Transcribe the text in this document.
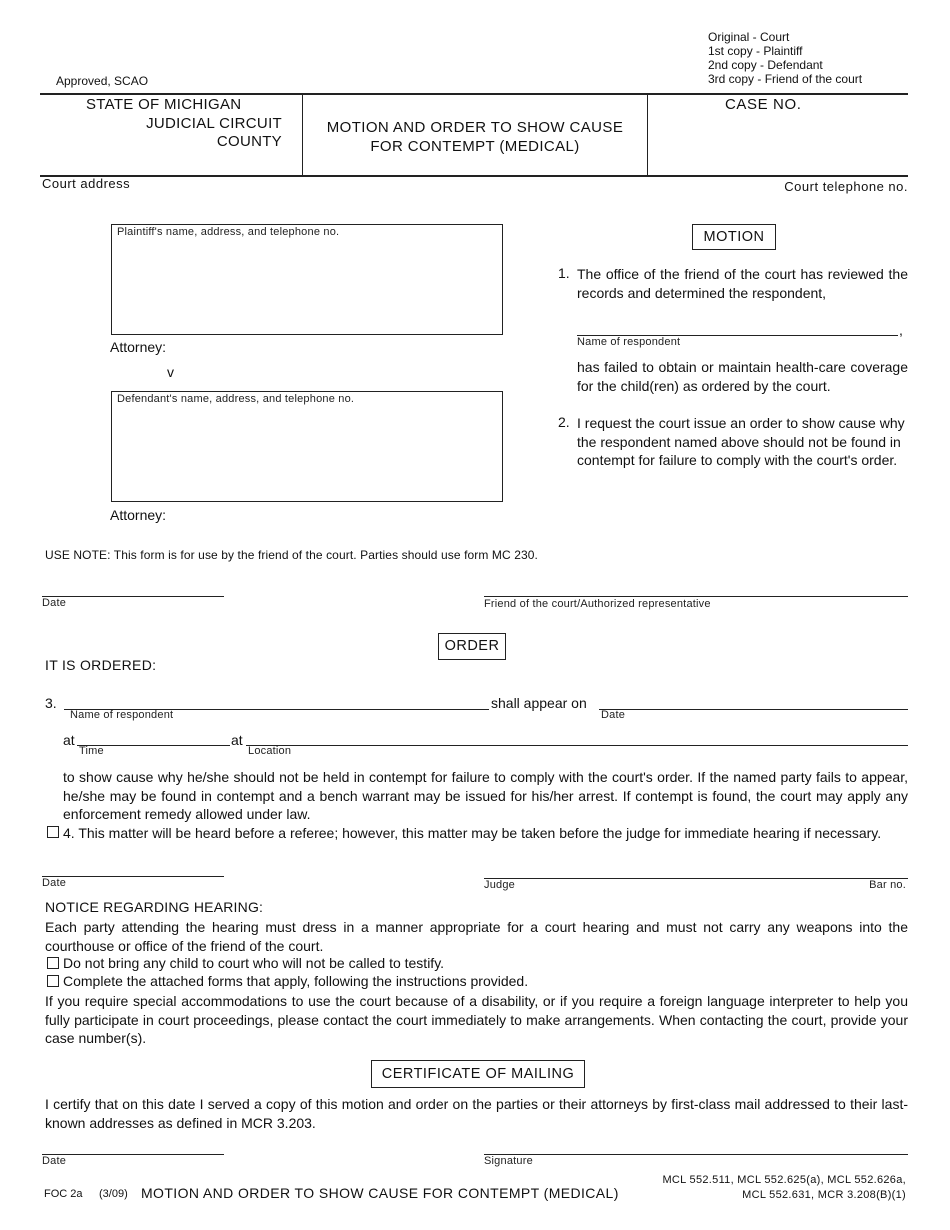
Original - Court
1st copy - Plaintiff
2nd copy - Defendant
3rd copy - Friend of the court
Approved, SCAO
STATE OF MICHIGAN
JUDICIAL CIRCUIT
COUNTY
MOTION AND ORDER TO SHOW CAUSE
FOR CONTEMPT (MEDICAL)
CASE NO.
Court address	Court telephone no.
Plaintiff's name, address, and telephone no.
Attorney:
v
Defendant's name, address, and telephone no.
Attorney:
MOTION
1. The office of the friend of the court has reviewed the records and determined the respondent,
,
Name of respondent
has failed to obtain or maintain health-care coverage for the child(ren) as ordered by the court.
2. I request the court issue an order to show cause why the respondent named above should not be found in contempt for failure to comply with the court's order.
USE NOTE: This form is for use by the friend of the court. Parties should use form MC 230.
Date	Friend of the court/Authorized representative
ORDER
IT IS ORDERED:
3.
Name of respondent
shall appear on
Date
at
Time
at
Location
to show cause why he/she should not be held in contempt for failure to comply with the court's order. If the named party fails to appear, he/she may be found in contempt and a bench warrant may be issued for his/her arrest. If contempt is found, the court may apply any enforcement remedy allowed under law.
4. This matter will be heard before a referee; however, this matter may be taken before the judge for immediate hearing if necessary.
Date	Judge	Bar no.
NOTICE REGARDING HEARING:
Each party attending the hearing must dress in a manner appropriate for a court hearing and must not carry any weapons into the courthouse or office of the friend of the court.
Do not bring any child to court who will not be called to testify.
Complete the attached forms that apply, following the instructions provided.
If you require special accommodations to use the court because of a disability, or if you require a foreign language interpreter to help you fully participate in court proceedings, please contact the court immediately to make arrangements. When contacting the court, provide your case number(s).
CERTIFICATE OF MAILING
I certify that on this date I served a copy of this motion and order on the parties or their attorneys by first-class mail addressed to their last-known addresses as defined in MCR 3.203.
Date	Signature
FOC 2a (3/09) MOTION AND ORDER TO SHOW CAUSE FOR CONTEMPT (MEDICAL)
MCL 552.511, MCL 552.625(a), MCL 552.626a,
MCL 552.631, MCR 3.208(B)(1)
